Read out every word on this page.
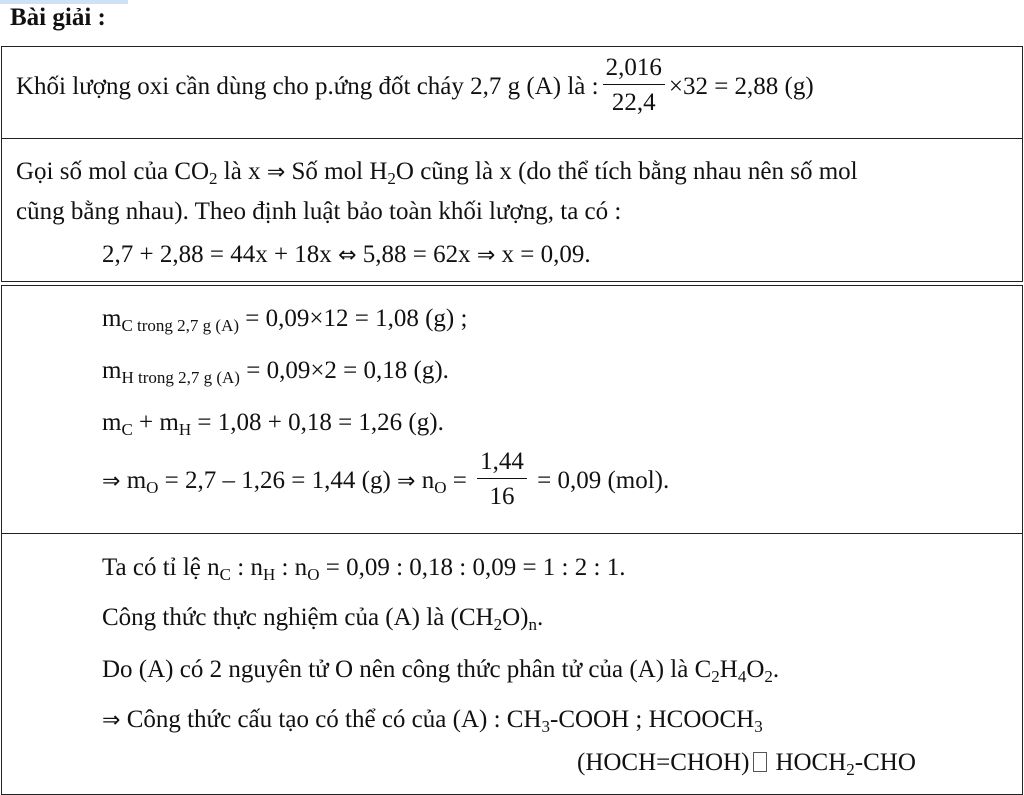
Bài giải :
Khối lượng oxi cần dùng cho p.ứng đốt cháy 2,7 g (A) là : $\frac{2,016}{22,4} \times 32 = 2,88$ (g)
Gọi số mol của $CO_2$ là x ⇒ Số mol $H_2O$ cũng là x (do thể tích bằng nhau nên số mol
cũng bằng nhau). Theo định luật bảo toàn khối lượng, ta có :
2,7 + 2,88 = 44x + 18x ⇔ 5,88 = 62x ⇒ x = 0,09.
$m_{C trong 2,7 g (A)} = 0,09\times 12 = 1,08$ (g) ;
$m_{H trong 2,7 g (A)} = 0,09\times 2 = 0,18$ (g).
$m_C + m_H = 1,08 + 0,18 = 1,26$ (g).
⇒ $m_O = 2,7 - 1,26 = 1,44$ (g) ⇒ $n_O = \frac{1,44}{16} = 0,09$ (mol).
Ta có tỉ lệ $n_C$ : $n_H$ : $n_O = 0,09$ : 0,18 : 0,09 = 1 : 2 : 1.
Công thức thực nghiệm của (A) là $(CH_2O)_n$.
Do (A) có 2 nguyên tử O nên công thức phân tử của (A) là $C_2H_4O_2$.
⇒ Công thức cấu tạo có thể có của (A) : $CH_3$-COOH ; $HCOOCH_3$
(HOCH=CHOH) $HOCH_2$-CHO
